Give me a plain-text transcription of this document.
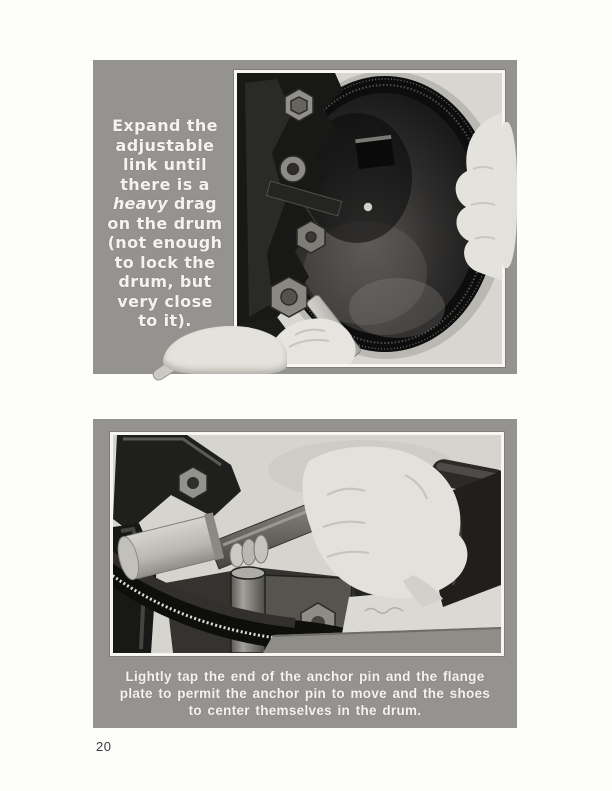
Expand the
adjustable
link until
there is a
heavy drag
on the drum
(not enough
to lock the
drum, but
very close
to it).
Lightly tap the end of the anchor pin and the flange
plate to permit the anchor pin to move and the shoes
to center themselves in the drum.
20
